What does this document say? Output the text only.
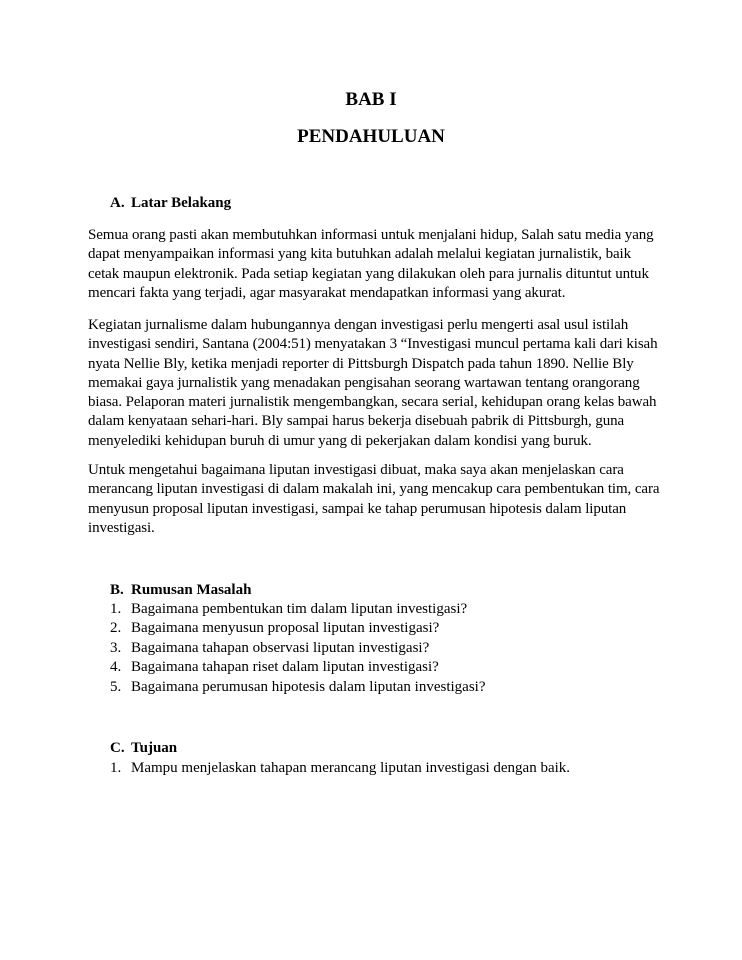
BAB I
PENDAHULUAN
A. Latar Belakang

Semua orang pasti akan membutuhkan informasi untuk menjalani hidup, Salah satu media yang dapat menyampaikan informasi yang kita butuhkan adalah melalui kegiatan jurnalistik, baik cetak maupun elektronik. Pada setiap kegiatan yang dilakukan oleh para jurnalis dituntut untuk mencari fakta yang terjadi, agar masyarakat mendapatkan informasi yang akurat.

Kegiatan jurnalisme dalam hubungannya dengan investigasi perlu mengerti asal usul istilah investigasi sendiri, Santana (2004:51) menyatakan 3 “Investigasi muncul pertama kali dari kisah nyata Nellie Bly, ketika menjadi reporter di Pittsburgh Dispatch pada tahun 1890. Nellie Bly memakai gaya jurnalistik yang menadakan pengisahan seorang wartawan tentang orangorang biasa. Pelaporan materi jurnalistik mengembangkan, secara serial, kehidupan orang kelas bawah dalam kenyataan sehari-hari. Bly sampai harus bekerja disebuah pabrik di Pittsburgh, guna menyelediki kehidupan buruh di umur yang di pekerjakan dalam kondisi yang buruk.

Untuk mengetahui bagaimana liputan investigasi dibuat, maka saya akan menjelaskan cara merancang liputan investigasi di dalam makalah ini, yang mencakup cara pembentukan tim, cara menyusun proposal liputan investigasi, sampai ke tahap perumusan hipotesis dalam liputan investigasi.

B. Rumusan Masalah
1. Bagaimana pembentukan tim dalam liputan investigasi?
2. Bagaimana menyusun proposal liputan investigasi?
3. Bagaimana tahapan observasi liputan investigasi?
4. Bagaimana tahapan riset dalam liputan investigasi?
5. Bagaimana perumusan hipotesis dalam liputan investigasi?
C. Tujuan
1. Mampu menjelaskan tahapan merancang liputan investigasi dengan baik.
